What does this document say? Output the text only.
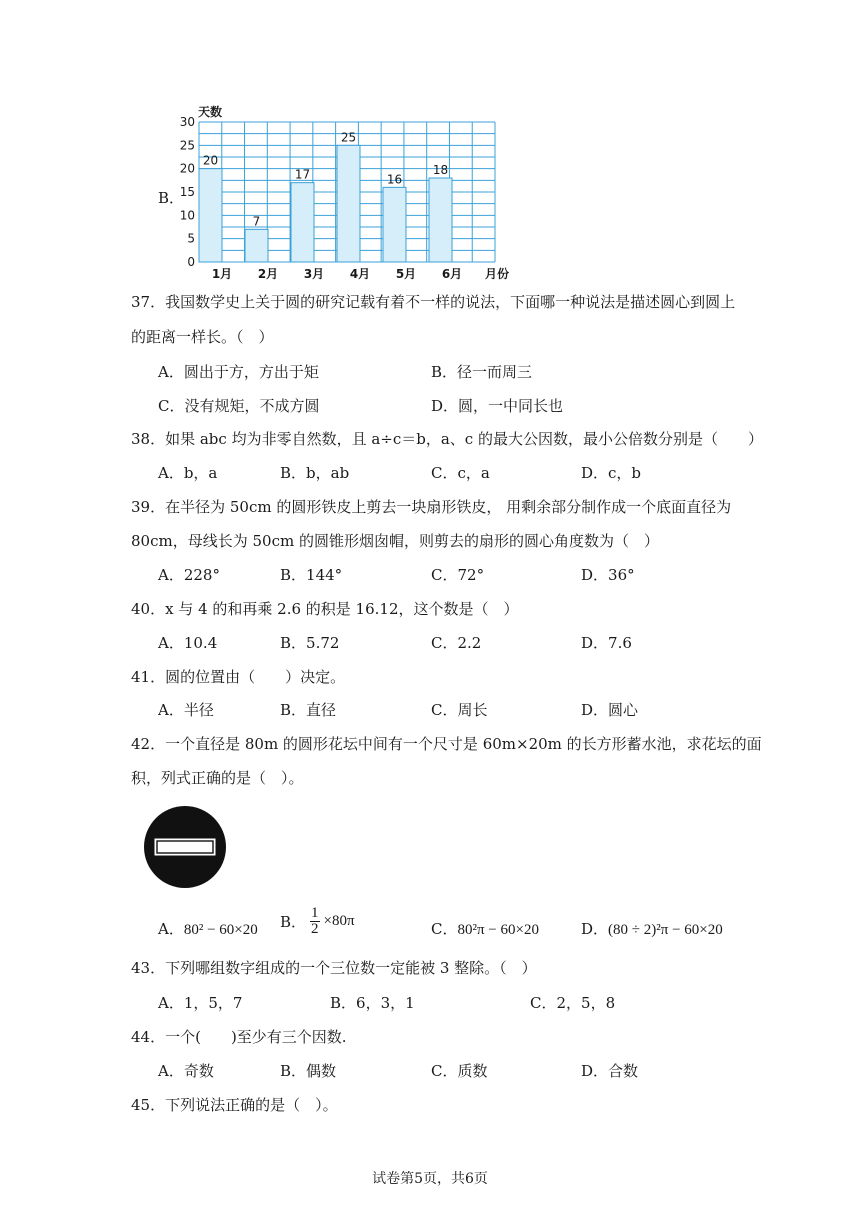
B．
20
7
17
25
16
18
0
5
10
15
20
25
30
天数
1月 2月 3月 4月 5月 6月 月份
37．我国数学史上关于圆的研究记载有着不一样的说法，下面哪一种说法是描述圆心到圆上
的距离一样长。（　）
A．圆出于方，方出于矩	B．径一而周三
C．没有规矩，不成方圆	D．圆，一中同长也
38．如果 abc 均为非零自然数，且 a÷c＝b，a、c 的最大公因数，最小公倍数分别是（　　）
A．b，a	B．b，ab	C．c，a	D．c，b
39．在半径为 50cm 的圆形铁皮上剪去一块扇形铁皮， 用剩余部分制作成一个底面直径为
80cm，母线长为 50cm 的圆锥形烟囱帽，则剪去的扇形的圆心角度数为（　）
A．228°	B．144°	C．72°	D．36°
40．x 与 4 的和再乘 2.6 的积是 16.12，这个数是（　）
A．10.4	B．5.72	C．2.2	D．7.6
41．圆的位置由（　　）决定。
A．半径	B．直径	C．周长	D．圆心
42．一个直径是 80m 的圆形花坛中间有一个尺寸是 60m×20m 的长方形蓄水池，求花坛的面
积，列式正确的是（　）。
A．80² − 60×20 B． $\frac{1}{2} \times 80\pi$	C．80²π − 60×20	D．(80 ÷ 2)²π − 60×20
43．下列哪组数字组成的一个三位数一定能被 3 整除。（　）
A．1，5，7	B．6，3，1	C．2，5，8
44．一个(　　)至少有三个因数.
A．奇数	B．偶数	C．质数	D．合数
45．下列说法正确的是（　）。
试卷第5页，共6页
